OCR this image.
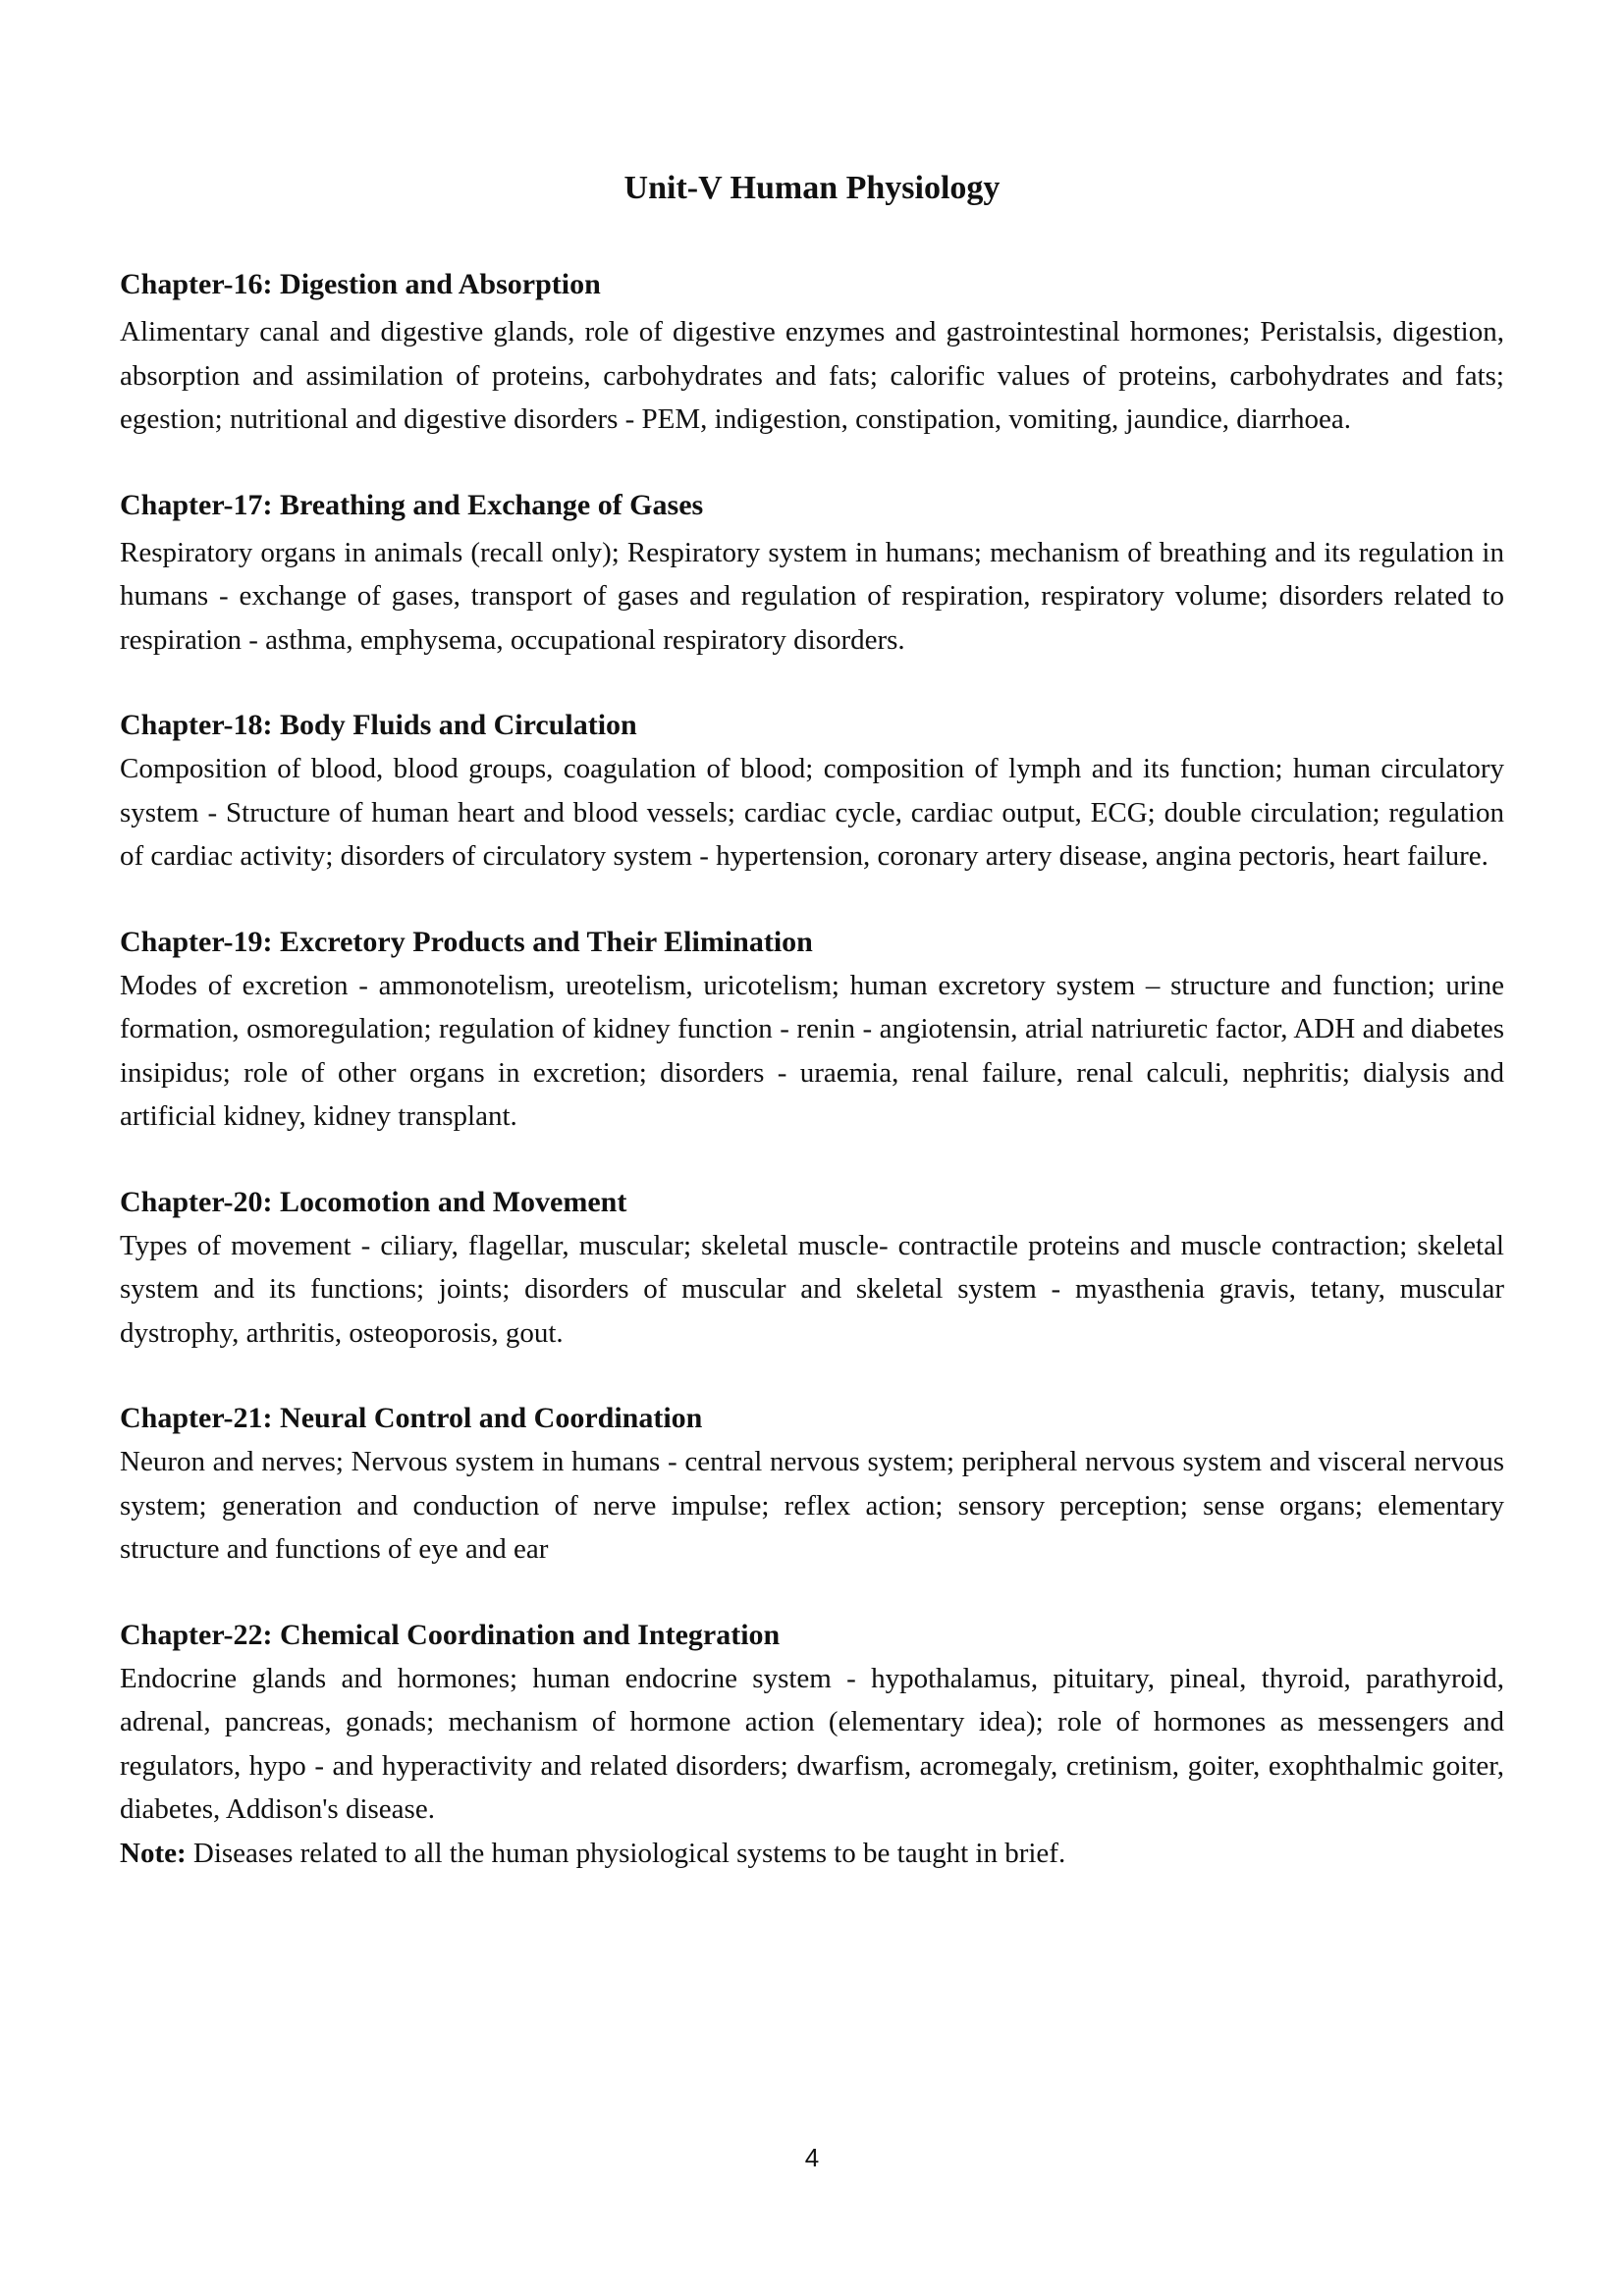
Unit-V Human Physiology
Chapter-16: Digestion and Absorption

Alimentary canal and digestive glands, role of digestive enzymes and gastrointestinal hormones; Peristalsis, digestion, absorption and assimilation of proteins, carbohydrates and fats; calorific values of proteins, carbohydrates and fats; egestion; nutritional and digestive disorders - PEM, indigestion, constipation, vomiting, jaundice, diarrhoea.

Chapter-17: Breathing and Exchange of Gases

Respiratory organs in animals (recall only); Respiratory system in humans; mechanism of breathing and its regulation in humans - exchange of gases, transport of gases and regulation of respiration, respiratory volume; disorders related to respiration - asthma, emphysema, occupational respiratory disorders.

Chapter-18: Body Fluids and Circulation

Composition of blood, blood groups, coagulation of blood; composition of lymph and its function; human circulatory system - Structure of human heart and blood vessels; cardiac cycle, cardiac output, ECG; double circulation; regulation of cardiac activity; disorders of circulatory system - hypertension, coronary artery disease, angina pectoris, heart failure.

Chapter-19: Excretory Products and Their Elimination

Modes of excretion - ammonotelism, ureotelism, uricotelism; human excretory system – structure and function; urine formation, osmoregulation; regulation of kidney function - renin - angiotensin, atrial natriuretic factor, ADH and diabetes insipidus; role of other organs in excretion; disorders - uraemia, renal failure, renal calculi, nephritis; dialysis and artificial kidney, kidney transplant.

Chapter-20: Locomotion and Movement

Types of movement - ciliary, flagellar, muscular; skeletal muscle- contractile proteins and muscle contraction; skeletal system and its functions; joints; disorders of muscular and skeletal system - myasthenia gravis, tetany, muscular dystrophy, arthritis, osteoporosis, gout.

Chapter-21: Neural Control and Coordination

Neuron and nerves; Nervous system in humans - central nervous system; peripheral nervous system and visceral nervous system; generation and conduction of nerve impulse; reflex action; sensory perception; sense organs; elementary structure and functions of eye and ear

Chapter-22: Chemical Coordination and Integration

Endocrine glands and hormones; human endocrine system - hypothalamus, pituitary, pineal, thyroid, parathyroid, adrenal, pancreas, gonads; mechanism of hormone action (elementary idea); role of hormones as messengers and regulators, hypo - and hyperactivity and related disorders; dwarfism, acromegaly, cretinism, goiter, exophthalmic goiter, diabetes, Addison's disease.

Note: Diseases related to all the human physiological systems to be taught in brief.

4
